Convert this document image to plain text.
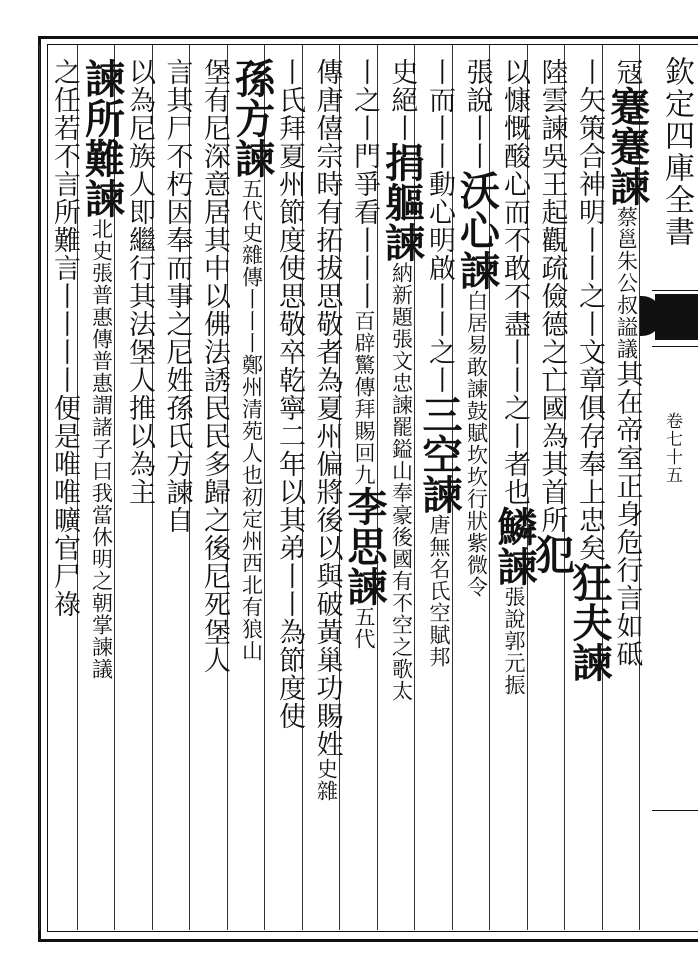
欽定四庫全書
卷七十五
冦蹇蹇諫蔡邕朱公叔謚議其在帝室正身危行言如砥
丨矢策合神明丨丨之丨文章俱存奉上忠矣狂夫諫
陸雲諫吳王起觀疏儉德之亡國為其首所犯
以慷慨酸心而不敢不盡丨丨之丨者也鱗諫張說郭元振
張說丨丨沃心諫白居易敢諫鼓賦坎坎行狀紫微令
丨而丨丨動心明啟丨丨之丨三空諫唐無名氏空賦邦
史絕丨捐軀諫納新題張文忠諫罷鎰山奉豪後國有不空之歌太
丨之丨門爭看丨丨丨百辟驚傳拜賜回九李思諫五代
傳唐僖宗時有拓拔思敬者為夏州偏將後以與破黃巢功賜姓史雜
丨氏拜夏州節度使思敬卒乾寧二年以其弟丨丨為節度使
孫方諫五代史雜傳丨丨丨鄭州清苑人也初定州西北有狼山
堡有尼深意居其中以佛法誘民民多歸之後尼死堡人
言其尸不朽因奉而事之尼姓孫氏方諫自
以為尼族人即繼行其法堡人推以為主
諫所難諫北史張普惠傳普惠謂諸子曰我當休明之朝掌諫議
之任若不言所難言丨丨丨丨便是唯唯曠官尸祿
